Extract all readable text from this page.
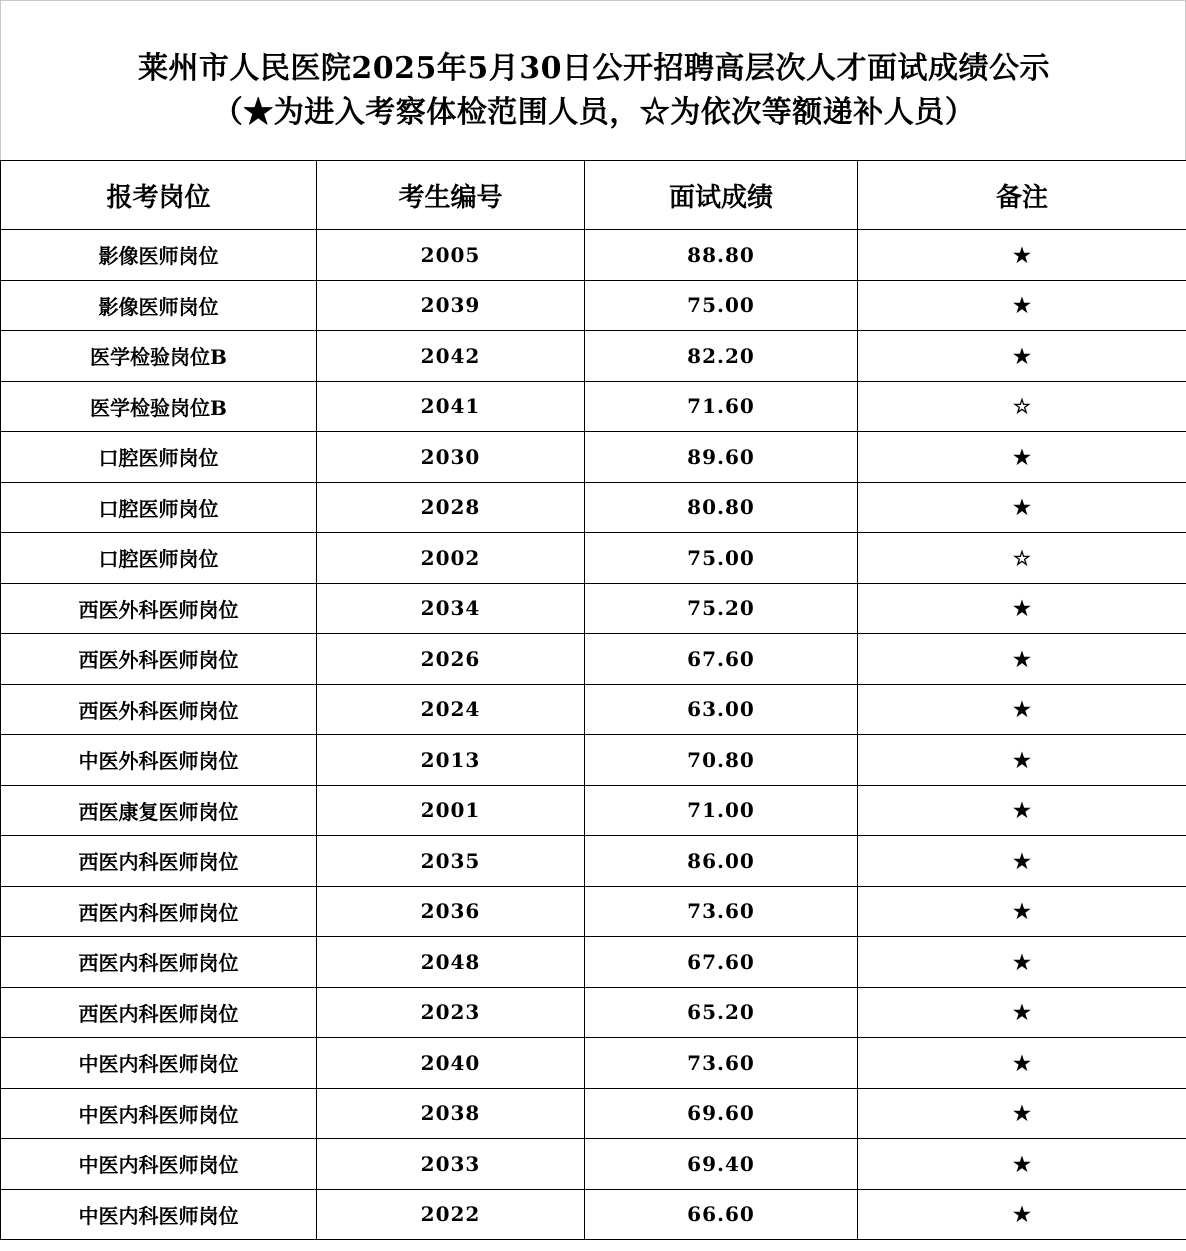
莱州市人民医院2025年5月30日公开招聘高层次人才面试成绩公示
（★为进入考察体检范围人员，☆为依次等额递补人员）
报考岗位	考生编号	面试成绩	备注
影像医师岗位	2005	88.80	★
影像医师岗位	2039	75.00	★
医学检验岗位B	2042	82.20	★
医学检验岗位B	2041	71.60	☆
口腔医师岗位	2030	89.60	★
口腔医师岗位	2028	80.80	★
口腔医师岗位	2002	75.00	☆
西医外科医师岗位	2034	75.20	★
西医外科医师岗位	2026	67.60	★
西医外科医师岗位	2024	63.00	★
中医外科医师岗位	2013	70.80	★
西医康复医师岗位	2001	71.00	★
西医内科医师岗位	2035	86.00	★
西医内科医师岗位	2036	73.60	★
西医内科医师岗位	2048	67.60	★
西医内科医师岗位	2023	65.20	★
中医内科医师岗位	2040	73.60	★
中医内科医师岗位	2038	69.60	★
中医内科医师岗位	2033	69.40	★
中医内科医师岗位	2022	66.60	★
